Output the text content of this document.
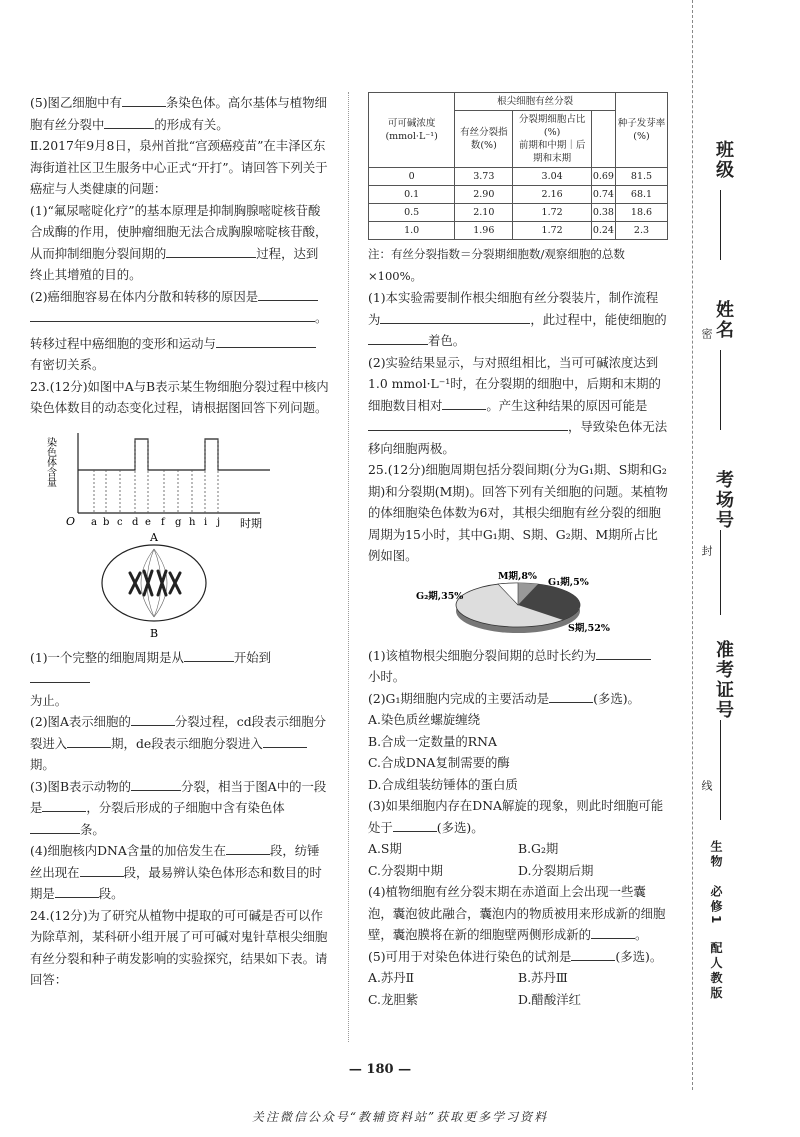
(5)图乙细胞中有	条染色体。高尔基体与植物细胞有丝分裂中	的形成有关。

Ⅱ.2017年9月8日，泉州首批“宫颈癌疫苗”在丰泽区东海街道社区卫生服务中心正式“开打”。请回答下列关于癌症与人类健康的问题：

(1)“氟尿嘧啶化疗”的基本原理是抑制胸腺嘧啶核苷酸合成酶的作用，使肿瘤细胞无法合成胸腺嘧啶核苷酸，从而抑制细胞分裂间期的	过程，达到终止其增殖的目的。

(2)癌细胞容易在体内分散和转移的原因是
。

转移过程中癌细胞的变形和运动与
有密切关系。

23.(12分)如图中A与B表示某生物细胞分裂过程中核内染色体数目的动态变化过程，请根据图回答下列问题。

染色体含量
O a b c d e f g h i j 时期
A
B

(1)一个完整的细胞周期是从	开始到
为止。

(2)图A表示细胞的	分裂过程，cd段表示细胞分裂进入	期，de段表示细胞分裂进入期。

(3)图B表示动物的	分裂，相当于图A中的一段是	，分裂后形成的子细胞中含有染色体
条。

(4)细胞核内DNA含量的加倍发生在	段，纺锤丝出现在	段，最易辨认染色体形态和数目的时期是	段。

24.(12分)为了研究从植物中提取的可可碱是否可以作为除草剂，某科研小组开展了可可碱对鬼针草根尖细胞有丝分裂和种子萌发影响的实验探究，结果如下表。请回答：

可可碱浓度(mmol·L⁻¹)	根尖细胞有丝分裂			种子发芽率(%)
	有丝分裂指数(%)	分裂期细胞占比(%)
前期和中期｜后期和末期		
0	3.73	3.04	0.69	81.5
0.1	2.90	2.16	0.74	68.1
0.5	2.10	1.72	0.38	18.6
1.0	1.96	1.72	0.24	2.3

注：有丝分裂指数＝分裂期细胞数/观察细胞的总数×100%。

(1)本实验需要制作根尖细胞有丝分裂装片，制作流程为	，此过程中，能使细胞的
着色。

(2)实验结果显示，与对照组相比，当可可碱浓度达到1.0 mmol·L⁻¹时，在分裂期的细胞中，后期和末期的细胞数目相对	。产生这种结果的原因可能是
，导致染色体无法移向细胞两极。

25.(12分)细胞周期包括分裂间期(分为G₁期、S期和G₂期)和分裂期(M期)。回答下列有关细胞的问题。某植物的体细胞染色体数为6对，其根尖细胞有丝分裂的细胞周期为15小时，其中G₁期、S期、G₂期、M期所占比例如图。

G₂期,35%
M期,8%
G₁期,5%
S期,52%

(1)该植物根尖细胞分裂间期的总时长约为
小时。

(2)G₁期细胞内完成的主要活动是	(多选)。

A.染色质丝螺旋缠绕

B.合成一定数量的RNA

C.合成DNA复制需要的酶

D.合成组装纺锤体的蛋白质

(3)如果细胞内存在DNA解旋的现象，则此时细胞可能处于	(多选)。

A.S期	B.G₂期

C.分裂期中期	D.分裂期后期

(4)植物细胞有丝分裂末期在赤道面上会出现一些囊泡，囊泡彼此融合，囊泡内的物质被用来形成新的细胞壁，囊泡膜将在新的细胞壁两侧形成新的	。

(5)可用于对染色体进行染色的试剂是	(多选)。

A.苏丹Ⅱ	B.苏丹Ⅲ

C.龙胆紫	D.醋酸洋红

班级
姓名
密
考场号
封
准考证号
线
生物　必修1　配人教版
— 180 —
关注微信公众号“教辅资料站”获取更多学习资料
